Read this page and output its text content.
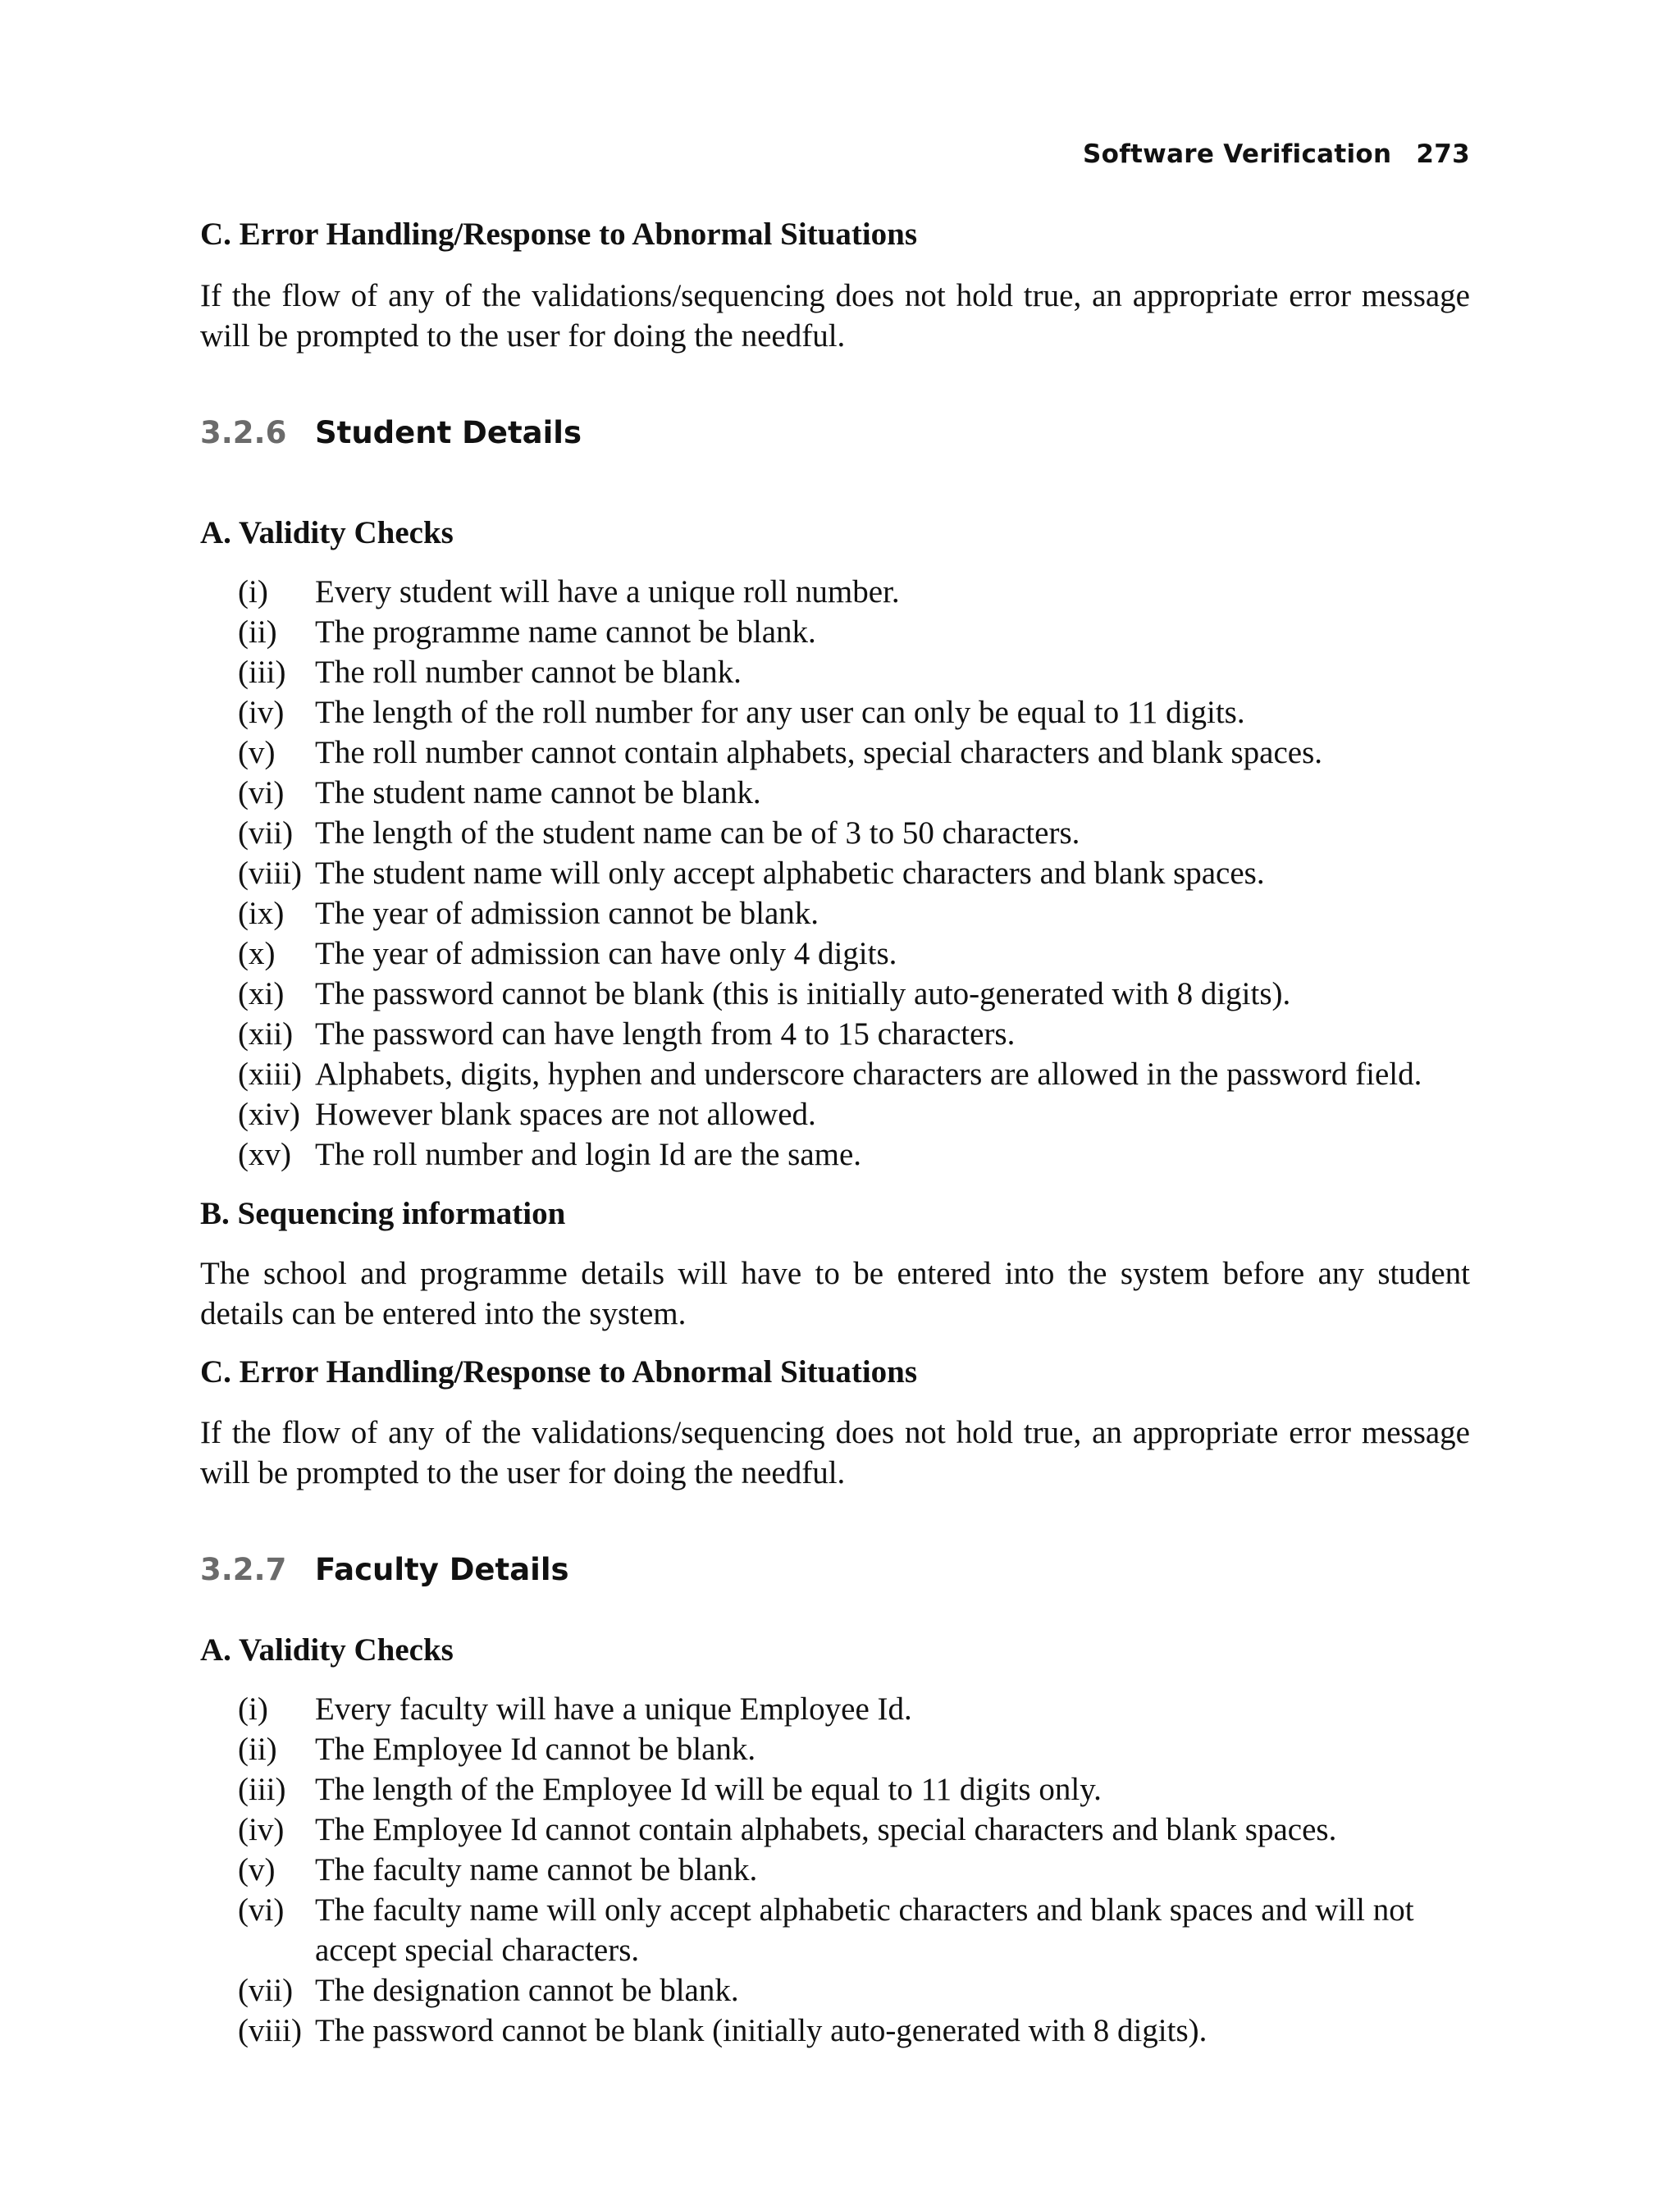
Software Verification 273
C. Error Handling/Response to Abnormal Situations
If the flow of any of the validations/sequencing does not hold true, an appropriate error message will be prompted to the user for doing the needful.
3.2.6 Student Details
A. Validity Checks
(i) Every student will have a unique roll number.
(ii) The programme name cannot be blank.
(iii) The roll number cannot be blank.
(iv) The length of the roll number for any user can only be equal to 11 digits.
(v) The roll number cannot contain alphabets, special characters and blank spaces.
(vi) The student name cannot be blank.
(vii) The length of the student name can be of 3 to 50 characters.
(viii) The student name will only accept alphabetic characters and blank spaces.
(ix) The year of admission cannot be blank.
(x) The year of admission can have only 4 digits.
(xi) The password cannot be blank (this is initially auto-generated with 8 digits).
(xii) The password can have length from 4 to 15 characters.
(xiii) Alphabets, digits, hyphen and underscore characters are allowed in the password field.
(xiv) However blank spaces are not allowed.
(xv) The roll number and login Id are the same.
B. Sequencing information
The school and programme details will have to be entered into the system before any student details can be entered into the system.
C. Error Handling/Response to Abnormal Situations
If the flow of any of the validations/sequencing does not hold true, an appropriate error message will be prompted to the user for doing the needful.
3.2.7 Faculty Details
A. Validity Checks
(i) Every faculty will have a unique Employee Id.
(ii) The Employee Id cannot be blank.
(iii) The length of the Employee Id will be equal to 11 digits only.
(iv) The Employee Id cannot contain alphabets, special characters and blank spaces.
(v) The faculty name cannot be blank.
(vi) The faculty name will only accept alphabetic characters and blank spaces and will not accept special characters.
(vii) The designation cannot be blank.
(viii) The password cannot be blank (initially auto-generated with 8 digits).
